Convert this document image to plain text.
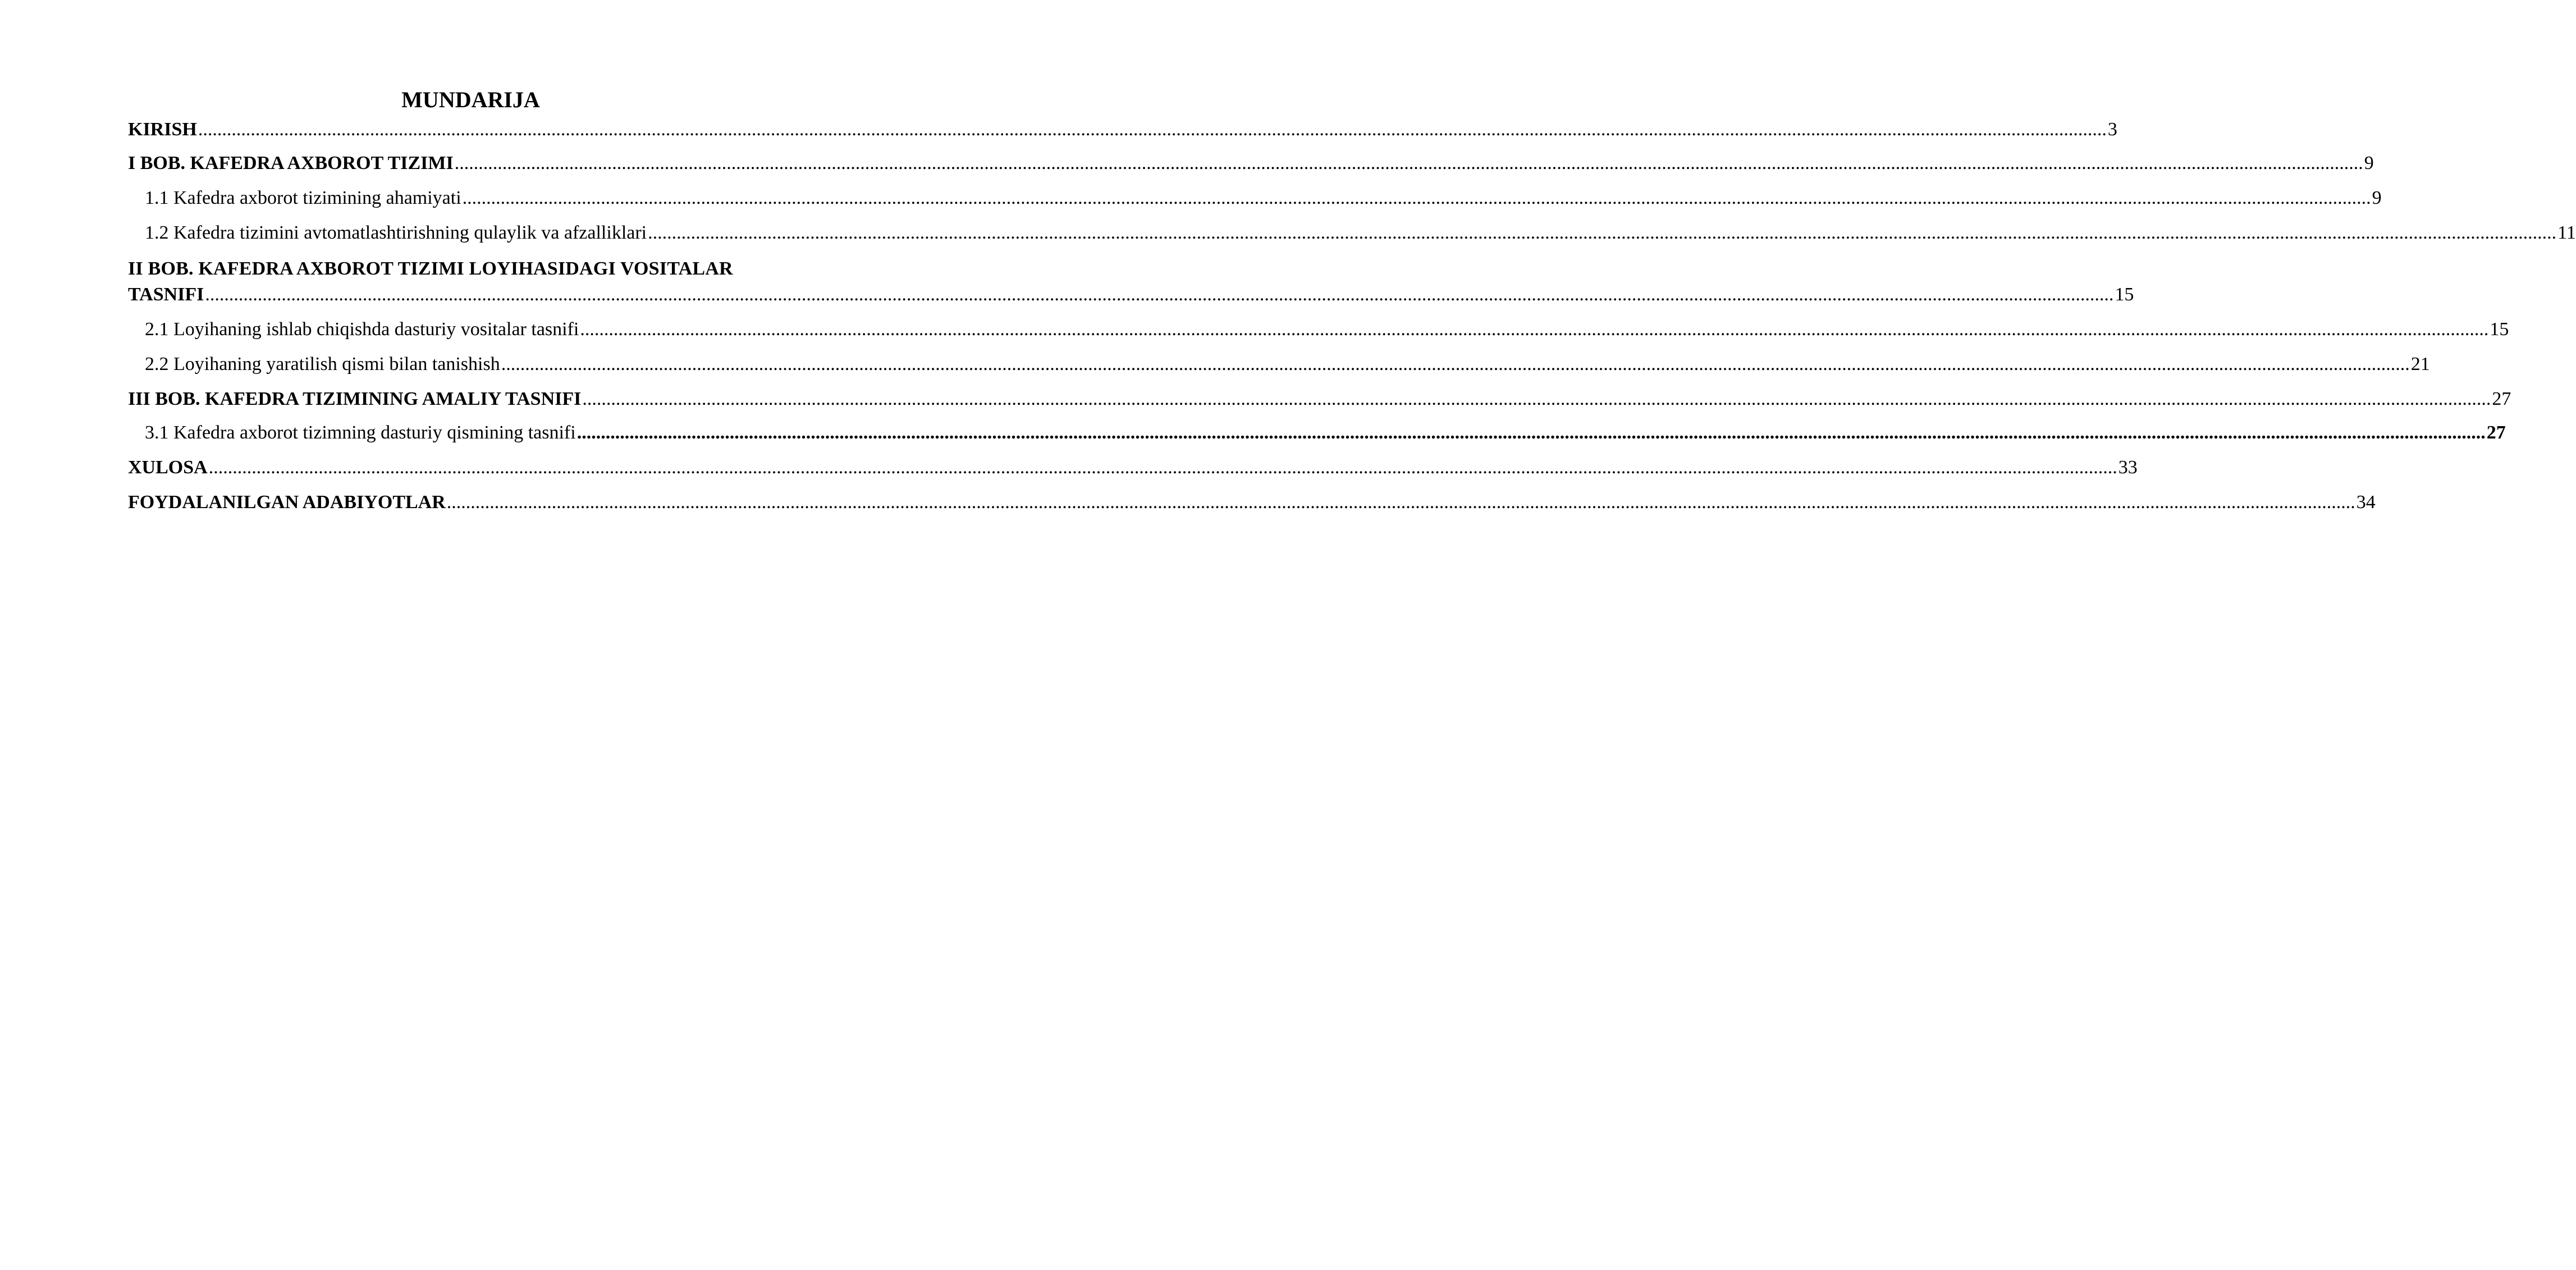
MUNDARIJA
KIRISH ................................................................................................................................................................................................................................................................................................................................................................................................................ 3
I BOB. KAFEDRA AXBOROT TIZIMI ................................................................................................................................................................................................................................................................................................................................................................................................................ 9
1.1 Kafedra axborot tizimining ahamiyati ................................................................................................................................................................................................................................................................................................................................................................................................................ 9
1.2 Kafedra tizimini avtomatlashtirishning qulaylik va afzalliklari ................................................................................................................................................................................................................................................................................................................................................................................................................ 11
II BOB. KAFEDRA AXBOROT TIZIMI LOYIHASIDAGI VOSITALAR
TASNIFI ................................................................................................................................................................................................................................................................................................................................................................................................................ 15
2.1 Loyihaning ishlab chiqishda dasturiy vositalar tasnifi ................................................................................................................................................................................................................................................................................................................................................................................................................ 15
2.2 Loyihaning yaratilish qismi bilan tanishish ................................................................................................................................................................................................................................................................................................................................................................................................................ 21
III BOB. KAFEDRA TIZIMINING AMALIY TASNIFI ................................................................................................................................................................................................................................................................................................................................................................................................................ 27
3.1 Kafedra axborot tizimning dasturiy qismining tasnifi ................................................................................................................................................................................................................................................................................................................................................................................................................ 27
XULOSA ................................................................................................................................................................................................................................................................................................................................................................................................................ 33
FOYDALANILGAN ADABIYOTLAR ................................................................................................................................................................................................................................................................................................................................................................................................................ 34
